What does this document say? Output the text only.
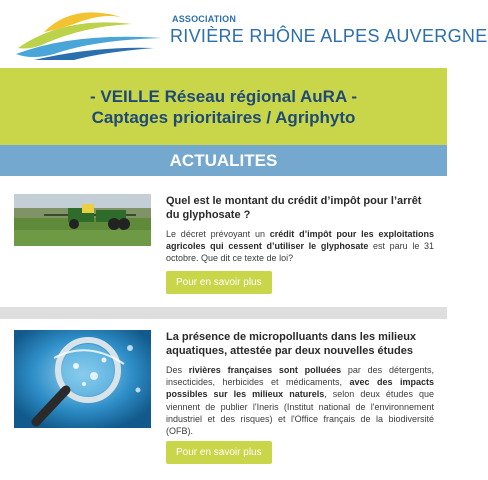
ASSOCIATION
RIVIÈRE RHÔNE ALPES AUVERGNE
- VEILLE Réseau régional AuRA -
Captages prioritaires / Agriphyto
ACTUALITES

Quel est le montant du crédit d’impôt pour l’arrêt du glyphosate ?

Le décret prévoyant un crédit d’impôt pour les exploitations agricoles qui cessent d’utiliser le glyphosate est paru le 31 octobre. Que dit ce texte de loi?

Pour en savoir plus

La présence de micropolluants dans les milieux aquatiques, attestée par deux nouvelles études

Des rivières françaises sont polluées par des détergents, insecticides, herbicides et médicaments, avec des impacts possibles sur les milieux naturels, selon deux études que viennent de publier l'Ineris (Institut national de l'environnement industriel et des risques) et l'Office français de la biodiversité (OFB).

Pour en savoir plus
